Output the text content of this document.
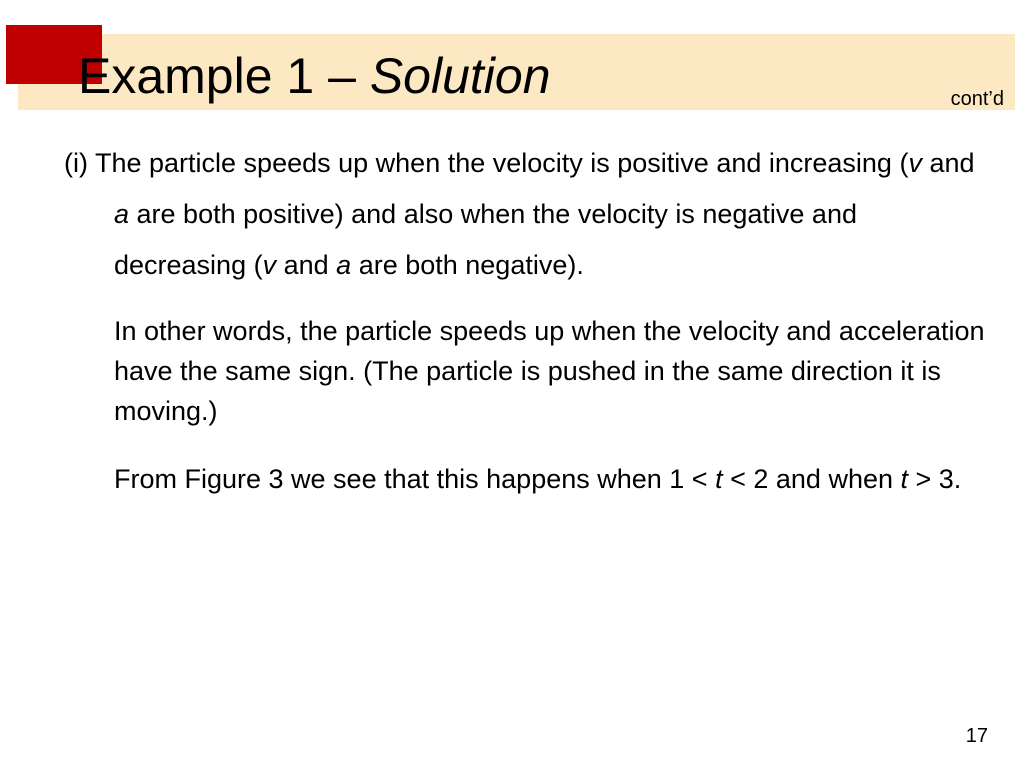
Example 1 – Solution	cont’d

(i) The particle speeds up when the velocity is positive and increasing (v and a are both positive) and also when the velocity is negative and decreasing (v and a are both negative).

In other words, the particle speeds up when the velocity and acceleration have the same sign. (The particle is pushed in the same direction it is moving.)

From Figure 3 we see that this happens when 1 < t < 2 and when t > 3.

17
